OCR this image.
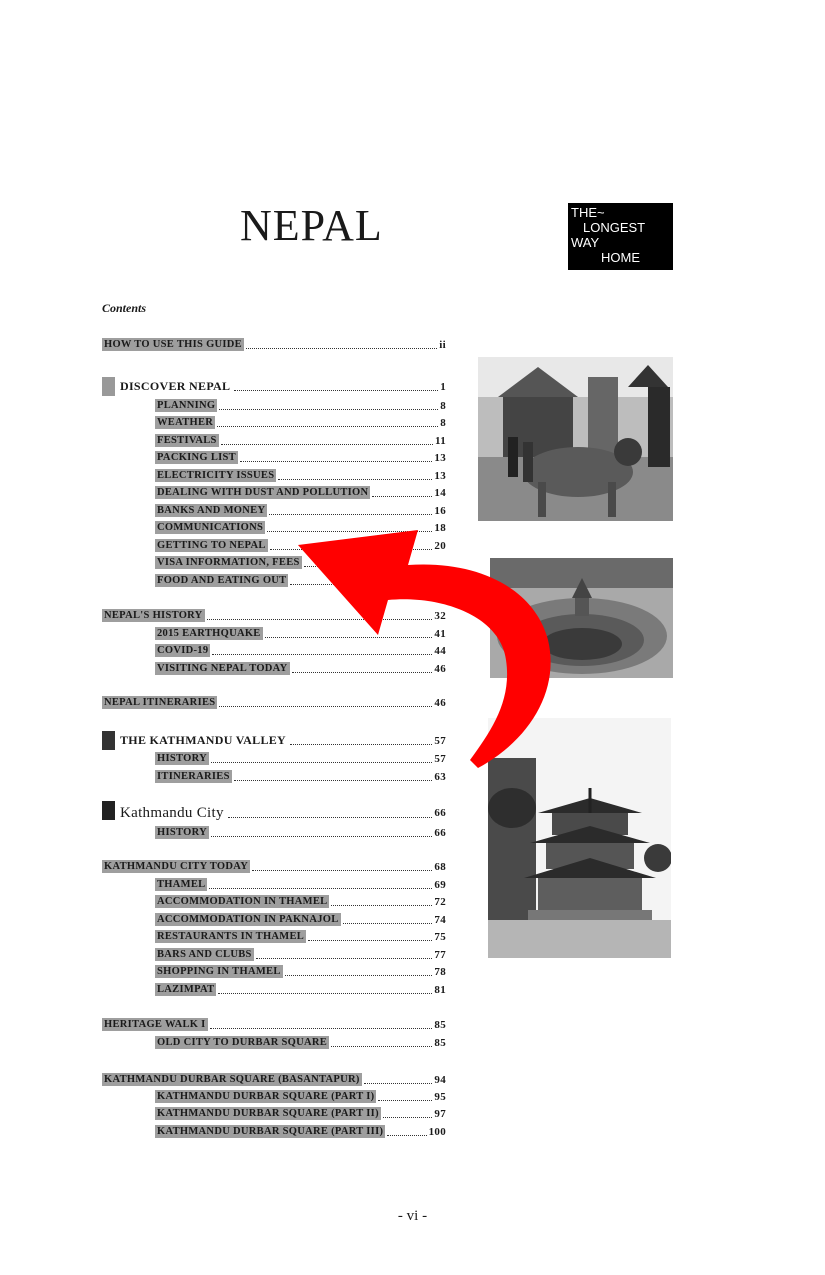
NEPAL	THE~
LONGEST
WAY
HOME
Contents
HOW TO USE THIS GUIDE	ii
DISCOVER NEPAL	1
PLANNING	8
WEATHER	8
FESTIVALS	11
PACKING LIST	13
ELECTRICITY ISSUES	13
DEALING WITH DUST AND POLLUTION	14
BANKS AND MONEY	16
COMMUNICATIONS	18
GETTING TO NEPAL	20
VISA INFORMATION, FEES
FOOD AND EATING OUT
NEPAL'S HISTORY	32
2015 EARTHQUAKE	41
COVID-19	44
VISITING NEPAL TODAY	46
NEPAL ITINERARIES	46
THE KATHMANDU VALLEY	57
HISTORY	57
ITINERARIES	63
Kathmandu City	66
HISTORY	66
KATHMANDU CITY TODAY	68
THAMEL	69
ACCOMMODATION IN THAMEL	72
ACCOMMODATION IN PAKNAJOL	74
RESTAURANTS IN THAMEL	75
BARS AND CLUBS	77
SHOPPING IN THAMEL	78
LAZIMPAT	81
HERITAGE WALK I	85
OLD CITY TO DURBAR SQUARE	85
KATHMANDU DURBAR SQUARE (BASANTAPUR)	94
KATHMANDU DURBAR SQUARE (PART I)	95
KATHMANDU DURBAR SQUARE (PART II)	97
KATHMANDU DURBAR SQUARE (PART III)	100
- vi -
